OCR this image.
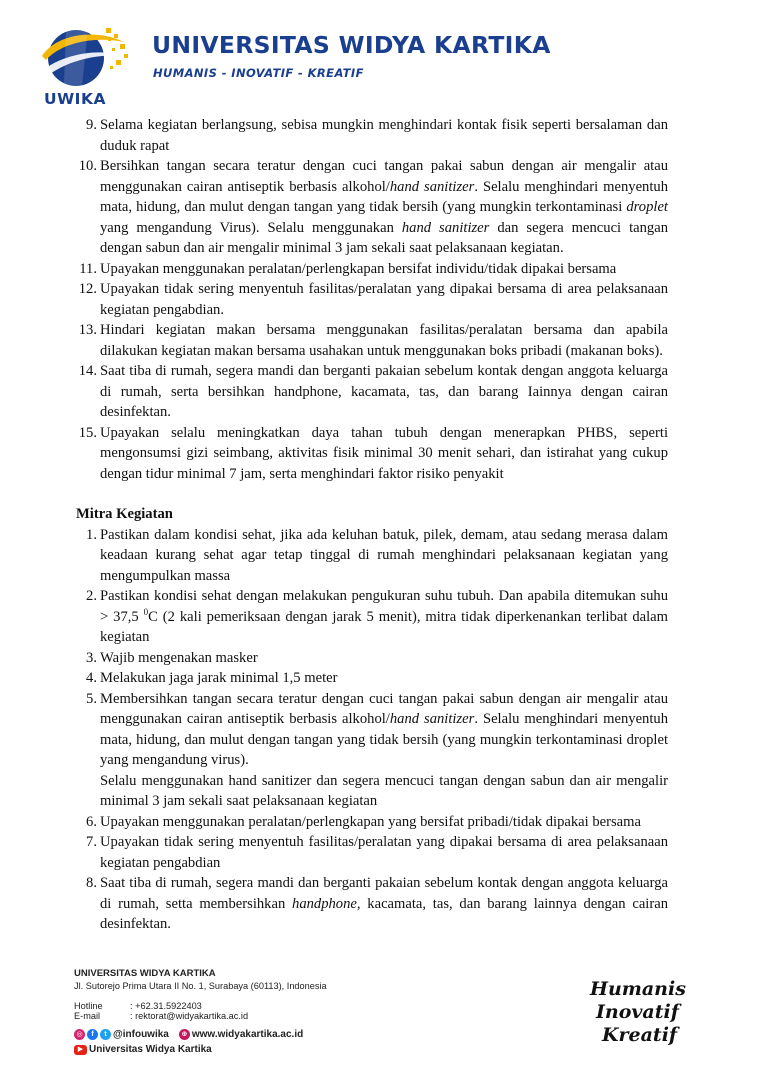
UWIKA
UNIVERSITAS WIDYA KARTIKA
HUMANIS - INOVATIF - KREATIF
9. Selama kegiatan berlangsung, sebisa mungkin menghindari kontak fisik seperti bersalaman dan duduk rapat
10. Bersihkan tangan secara teratur dengan cuci tangan pakai sabun dengan air mengalir atau menggunakan cairan antiseptik berbasis alkohol/hand sanitizer. Selalu menghindari menyentuh mata, hidung, dan mulut dengan tangan yang tidak bersih (yang mungkin terkontaminasi droplet yang mengandung Virus). Selalu menggunakan hand sanitizer dan segera mencuci tangan dengan sabun dan air mengalir minimal 3 jam sekali saat pelaksanaan kegiatan.
11. Upayakan menggunakan peralatan/perlengkapan bersifat individu/tidak dipakai bersama
12. Upayakan tidak sering menyentuh fasilitas/peralatan yang dipakai bersama di area pelaksanaan kegiatan pengabdian.
13. Hindari kegiatan makan bersama menggunakan fasilitas/peralatan bersama dan apabila dilakukan kegiatan makan bersama usahakan untuk menggunakan boks pribadi (makanan boks).
14. Saat tiba di rumah, segera mandi dan berganti pakaian sebelum kontak dengan anggota keluarga di rumah, serta bersihkan handphone, kacamata, tas, dan barang Iainnya dengan cairan desinfektan.
15. Upayakan selalu meningkatkan daya tahan tubuh dengan menerapkan PHBS, seperti mengonsumsi gizi seimbang, aktivitas fisik minimal 30 menit sehari, dan istirahat yang cukup dengan tidur minimal 7 jam, serta menghindari faktor risiko penyakit
Mitra Kegiatan
1. Pastikan dalam kondisi sehat, jika ada keluhan batuk, pilek, demam, atau sedang merasa dalam keadaan kurang sehat agar tetap tinggal di rumah menghindari pelaksanaan kegiatan yang mengumpulkan massa
2. Pastikan kondisi sehat dengan melakukan pengukuran suhu tubuh. Dan apabila ditemukan suhu > 37,5 $^0$C (2 kali pemeriksaan dengan jarak 5 menit), mitra tidak diperkenankan terlibat dalam kegiatan
3. Wajib mengenakan masker
4. Melakukan jaga jarak minimal 1,5 meter
5. Membersihkan tangan secara teratur dengan cuci tangan pakai sabun dengan air mengalir atau menggunakan cairan antiseptik berbasis alkohol/hand sanitizer. Selalu menghindari menyentuh mata, hidung, dan mulut dengan tangan yang tidak bersih (yang mungkin terkontaminasi droplet yang mengandung virus).
Selalu menggunakan hand sanitizer dan segera mencuci tangan dengan sabun dan air mengalir minimal 3 jam sekali saat pelaksanaan kegiatan
6. Upayakan menggunakan peralatan/perlengkapan yang bersifat pribadi/tidak dipakai bersama
7. Upayakan tidak sering menyentuh fasilitas/peralatan yang dipakai bersama di area pelaksanaan kegiatan pengabdian
8. Saat tiba di rumah, segera mandi dan berganti pakaian sebelum kontak dengan anggota keluarga di rumah, setta membersihkan handphone, kacamata, tas, dan barang lainnya dengan cairan desinfektan.
UNIVERSITAS WIDYA KARTIKA
Jl. Sutorejo Prima Utara II No. 1, Surabaya (60113), Indonesia
Hotline	: +62.31.5922403
E-mail	: rektorat@widyakartika.ac.id
◎	f	t @infouwika	⊕ www.widyakartika.ac.id
▶ Universitas Widya Kartika
Humanis
Inovatif
Kreatif
